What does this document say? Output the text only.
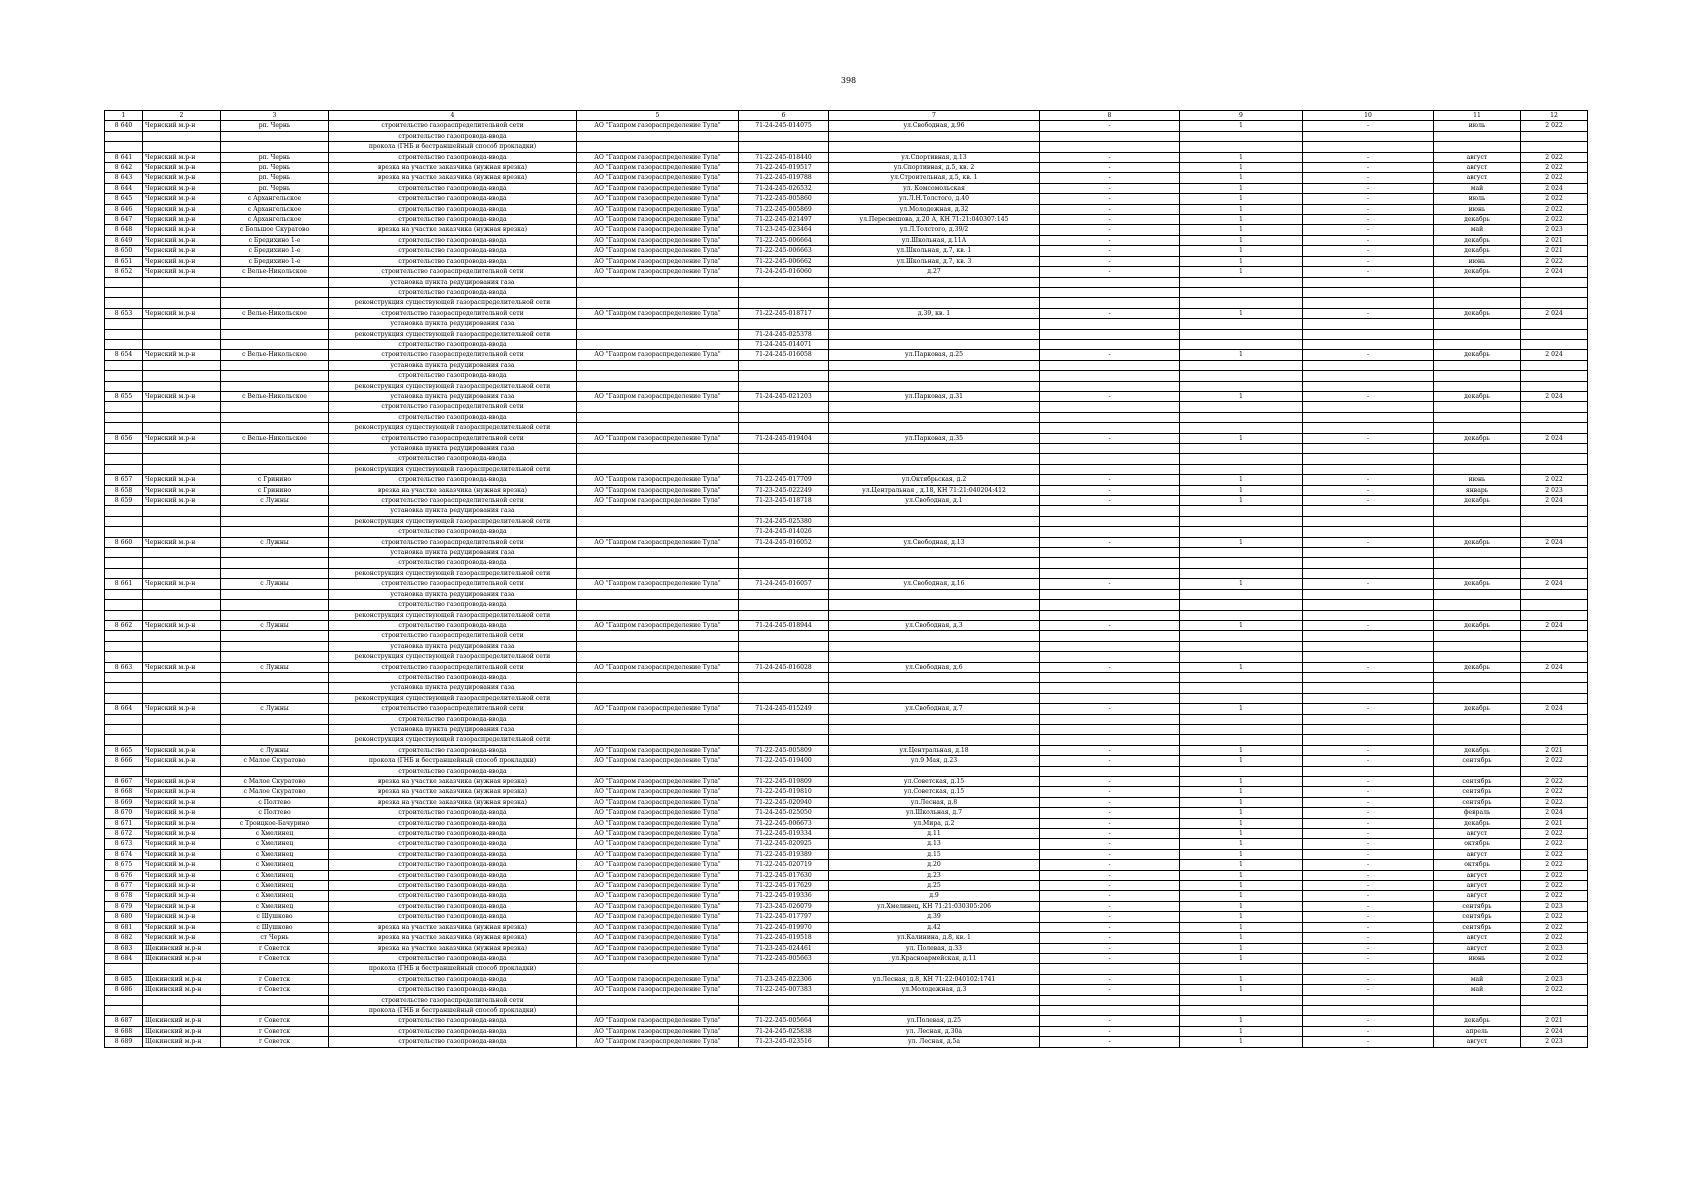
398
1	2	3	4	5	6	7	8	9	10	11	12
8 640	Чернский м.р-н	рп. Чернь	строительство газораспределительной сети	АО "Газпром газораспределение Тула"	71-24-245-014075	ул.Свободная, д.96	-	1	-	июль	2 022
			строительство газопровода-ввода								
			прокола (ГНБ и бестраншейный способ прокладки)								
8 641	Чернский м.р-н	рп. Чернь	строительство газопровода-ввода	АО "Газпром газораспределение Тула"	71-22-245-018440	ул.Спортивная, д.13	-	1	-	август	2 022
8 642	Чернский м.р-н	рп. Чернь	врезка на участке заказчика (нужная врезка)	АО "Газпром газораспределение Тула"	71-22-245-019517	ул.Спортивная, д.5, кв. 2	-	1	-	август	2 022
8 643	Чернский м.р-н	рп. Чернь	врезка на участке заказчика (нужная врезка)	АО "Газпром газораспределение Тула"	71-22-245-019788	ул.Строительная, д.5, кв. 1	-	1	-	август	2 022
8 644	Чернский м.р-н	рп. Чернь	строительство газопровода-ввода	АО "Газпром газораспределение Тула"	71-24-245-026532	ул. Комсомольская	-	1	-	май	2 024
8 645	Чернский м.р-н	с Архангельское	строительство газопровода-ввода	АО "Газпром газораспределение Тула"	71-22-245-005860	ул.Л.Н.Толстого, д.40	-	1	-	июль	2 022
8 646	Чернский м.р-н	с Архангельское	строительство газопровода-ввода	АО "Газпром газораспределение Тула"	71-22-245-005869	ул.Молодежная, д.32	-	1	-	июнь	2 022
8 647	Чернский м.р-н	с Архангельское	строительство газопровода-ввода	АО "Газпром газораспределение Тула"	71-22-245-021497	ул.Пересвешова, д.20 А, КН 71:21:040307:145	-	1	-	декабрь	2 022
8 648	Чернский м.р-н	с Большое Скуратово	врезка на участке заказчика (нужная врезка)	АО "Газпром газораспределение Тула"	71-23-245-023464	ул.Л.Толстого, д.39/2	-	1	-	май	2 023
8 649	Чернский м.р-н	с Бредихино 1-е	строительство газопровода-ввода	АО "Газпром газораспределение Тула"	71-22-245-006664	ул.Школьная, д.11А	-	1	-	декабрь	2 021
8 650	Чернский м.р-н	с Бредихино 1-е	строительство газопровода-ввода	АО "Газпром газораспределение Тула"	71-22-245-006663	ул.Школьная, д.7, кв. 1	-	1	-	декабрь	2 021
8 651	Чернский м.р-н	с Бредихино 1-е	строительство газопровода-ввода	АО "Газпром газораспределение Тула"	71-22-245-006662	ул.Школьная, д.7, кв. 3	-	1	-	июнь	2 022
8 652	Чернский м.р-н	с Велье-Никольское	строительство газораспределительной сети	АО "Газпром газораспределение Тула"	71-24-245-016060	д.27	-	1	-	декабрь	2 024
			установка пункта редуцирования газа								
			строительство газопровода-ввода								
			реконструкция существующей газораспределительной сети								
8 653	Чернский м.р-н	с Велье-Никольское	строительство газораспределительной сети	АО "Газпром газораспределение Тула"	71-22-245-018717	д.39, кв. 1	-	1	-	декабрь	2 024
			установка пункта редуцирования газа								
			реконструкция существующей газораспределительной сети		71-24-245-025378						
			строительство газопровода-ввода		71-24-245-014071						
8 654	Чернский м.р-н	с Велье-Никольское	строительство газораспределительной сети	АО "Газпром газораспределение Тула"	71-24-245-016058	ул.Парковая, д.25	-	1	-	декабрь	2 024
			установка пункта редуцирования газа								
			строительство газопровода-ввода								
			реконструкция существующей газораспределительной сети								
8 655	Чернский м.р-н	с Велье-Никольское	установка пункта редуцирования газа	АО "Газпром газораспределение Тула"	71-24-245-021203	ул.Парковая, д.31	-	1	-	декабрь	2 024
			строительство газораспределительной сети								
			строительство газопровода-ввода								
			реконструкция существующей газораспределительной сети								
8 656	Чернский м.р-н	с Велье-Никольское	строительство газораспределительной сети	АО "Газпром газораспределение Тула"	71-24-245-019404	ул.Парковая, д.35	-	1	-	декабрь	2 024
			установка пункта редуцирования газа								
			строительство газопровода-ввода								
			реконструкция существующей газораспределительной сети								
8 657	Чернский м.р-н	с Гринино	строительство газопровода-ввода	АО "Газпром газораспределение Тула"	71-22-245-017709	ул.Октябрьская, д.2	-	1	-	июнь	2 022
8 658	Чернский м.р-н	с Гринино	врезка на участке заказчика (нужная врезка)	АО "Газпром газораспределение Тула"	71-23-245-022249	ул.Центральная , д.18, КН 71:21:040204:412	-	1	-	январь	2 023
8 659	Чернский м.р-н	с Лужны	строительство газораспределительной сети	АО "Газпром газораспределение Тула"	71-23-245-018718	ул.Свободная, д.1	-	1	-	декабрь	2 024
			установка пункта редуцирования газа								
			реконструкция существующей газораспределительной сети		71-24-245-025380						
			строительство газопровода-ввода		71-24-245-014026						
8 660	Чернский м.р-н	с Лужны	строительство газораспределительной сети	АО "Газпром газораспределение Тула"	71-24-245-016052	ул.Свободная, д.13	-	1	-	декабрь	2 024
			установка пункта редуцирования газа								
			строительство газопровода-ввода								
			реконструкция существующей газораспределительной сети								
8 661	Чернский м.р-н	с Лужны	строительство газораспределительной сети	АО "Газпром газораспределение Тула"	71-24-245-016057	ул.Свободная, д.16	-	1	-	декабрь	2 024
			установка пункта редуцирования газа								
			строительство газопровода-ввода								
			реконструкция существующей газораспределительной сети								
8 662	Чернский м.р-н	с Лужны	строительство газопровода-ввода	АО "Газпром газораспределение Тула"	71-24-245-018944	ул.Свободная, д.3	-	1	-	декабрь	2 024
			строительство газораспределительной сети								
			установка пункта редуцирования газа								
			реконструкция существующей газораспределительной сети								
8 663	Чернский м.р-н	с Лужны	строительство газораспределительной сети	АО "Газпром газораспределение Тула"	71-24-245-016028	ул.Свободная, д.6	-	1	-	декабрь	2 024
			строительство газопровода-ввода								
			установка пункта редуцирования газа								
			реконструкция существующей газораспределительной сети								
8 664	Чернский м.р-н	с Лужны	строительство газораспределительной сети	АО "Газпром газораспределение Тула"	71-24-245-015249	ул.Свободная, д.7	-	1	-	декабрь	2 024
			строительство газопровода-ввода								
			установка пункта редуцирования газа								
			реконструкция существующей газораспределительной сети								
8 665	Чернский м.р-н	с Лужны	строительство газопровода-ввода	АО "Газпром газораспределение Тула"	71-22-245-005809	ул.Центральная, д.18	-	1	-	декабрь	2 021
8 666	Чернский м.р-н	с Малое Скуратово	прокола (ГНБ и бестраншейный способ прокладки)	АО "Газпром газораспределение Тула"	71-22-245-019400	ул.9 Мая, д.23	-	1	-	сентябрь	2 022
			строительство газопровода-ввода								
8 667	Чернский м.р-н	с Малое Скуратово	врезка на участке заказчика (нужная врезка)	АО "Газпром газораспределение Тула"	71-22-245-019809	ул.Советская, д.15	-	1	-	сентябрь	2 022
8 668	Чернский м.р-н	с Малое Скуратово	врезка на участке заказчика (нужная врезка)	АО "Газпром газораспределение Тула"	71-22-245-019810	ул.Советская, д.15	-	1	-	сентябрь	2 022
8 669	Чернский м.р-н	с Полтево	врезка на участке заказчика (нужная врезка)	АО "Газпром газораспределение Тула"	71-22-245-020940	ул.Лесная, д.8	-	1	-	сентябрь	2 022
8 670	Чернский м.р-н	с Полтево	строительство газопровода-ввода	АО "Газпром газораспределение Тула"	71-24-245-025050	ул.Школьная, д.7	-	1	-	февраль	2 024
8 671	Чернский м.р-н	с Троицкое-Бачурино	строительство газопровода-ввода	АО "Газпром газораспределение Тула"	71-22-245-006673	ул.Мира, д.2	-	1	-	декабрь	2 021
8 672	Чернский м.р-н	с Хмелинец	строительство газопровода-ввода	АО "Газпром газораспределение Тула"	71-22-245-019334	д.11	-	1	-	август	2 022
8 673	Чернский м.р-н	с Хмелинец	строительство газопровода-ввода	АО "Газпром газораспределение Тула"	71-22-245-020925	д.13	-	1	-	октябрь	2 022
8 674	Чернский м.р-н	с Хмелинец	строительство газопровода-ввода	АО "Газпром газораспределение Тула"	71-22-245-019389	д.15	-	1	-	август	2 022
8 675	Чернский м.р-н	с Хмелинец	строительство газопровода-ввода	АО "Газпром газораспределение Тула"	71-22-245-020719	д.20	-	1	-	октябрь	2 022
8 676	Чернский м.р-н	с Хмелинец	строительство газопровода-ввода	АО "Газпром газораспределение Тула"	71-22-245-017630	д.23	-	1	-	август	2 022
8 677	Чернский м.р-н	с Хмелинец	строительство газопровода-ввода	АО "Газпром газораспределение Тула"	71-22-245-017629	д.25	-	1	-	август	2 022
8 678	Чернский м.р-н	с Хмелинец	строительство газопровода-ввода	АО "Газпром газораспределение Тула"	71-22-245-019336	д.9	-	1	-	август	2 022
8 679	Чернский м.р-н	с Хмелинец	строительство газопровода-ввода	АО "Газпром газораспределение Тула"	71-23-245-026079	ул.Хмелинец, КН 71:21:030305:206	-	1	-	сентябрь	2 023
8 680	Чернский м.р-н	с Шушково	строительство газопровода-ввода	АО "Газпром газораспределение Тула"	71-22-245-017797	д.39	-	1	-	сентябрь	2 022
8 681	Чернский м.р-н	с Шушково	врезка на участке заказчика (нужная врезка)	АО "Газпром газораспределение Тула"	71-22-245-019970	д.42	-	1	-	сентябрь	2 022
8 682	Чернский м.р-н	ст Чернь	врезка на участке заказчика (нужная врезка)	АО "Газпром газораспределение Тула"	71-22-245-019518	ул.Калинина, д.8, кв. 1	-	1	-	август	2 022
8 683	Щекинский м.р-н	г Советск	врезка на участке заказчика (нужная врезка)	АО "Газпром газораспределение Тула"	71-23-245-024461	ул. Полевая, д.33	-	1	-	август	2 023
8 684	Щекинский м.р-н	г Советск	строительство газопровода-ввода	АО "Газпром газораспределение Тула"	71-22-245-005663	ул.Красноармейская, д.11	-	1	-	июнь	2 022
			прокола (ГНБ и бестраншейный способ прокладки)								
8 685	Щекинский м.р-н	г Советск	строительство газопровода-ввода	АО "Газпром газораспределение Тула"	71-23-245-022306	ул.Лесная, д.8, КН 71:22:040102:1741	-	1	-	май	2 023
8 686	Щекинский м.р-н	г Советск	строительство газопровода-ввода	АО "Газпром газораспределение Тула"	71-22-245-007383	ул.Молодежная, д.3	-	1	-	май	2 022
			строительство газораспределительной сети								
			прокола (ГНБ и бестраншейный способ прокладки)								
8 687	Щекинский м.р-н	г Советск	строительство газопровода-ввода	АО "Газпром газораспределение Тула"	71-22-245-005664	ул.Полевая, д.25	-	1	-	декабрь	2 021
8 688	Щекинский м.р-н	г Советск	строительство газопровода-ввода	АО "Газпром газораспределение Тула"	71-24-245-025838	ул. Лесная, д.30а	-	1	-	апрель	2 024
8 689	Щекинский м.р-н	г Советск	строительство газопровода-ввода	АО "Газпром газораспределение Тула"	71-23-245-023516	ул. Лесная, д.5а	-	1	-	август	2 023
